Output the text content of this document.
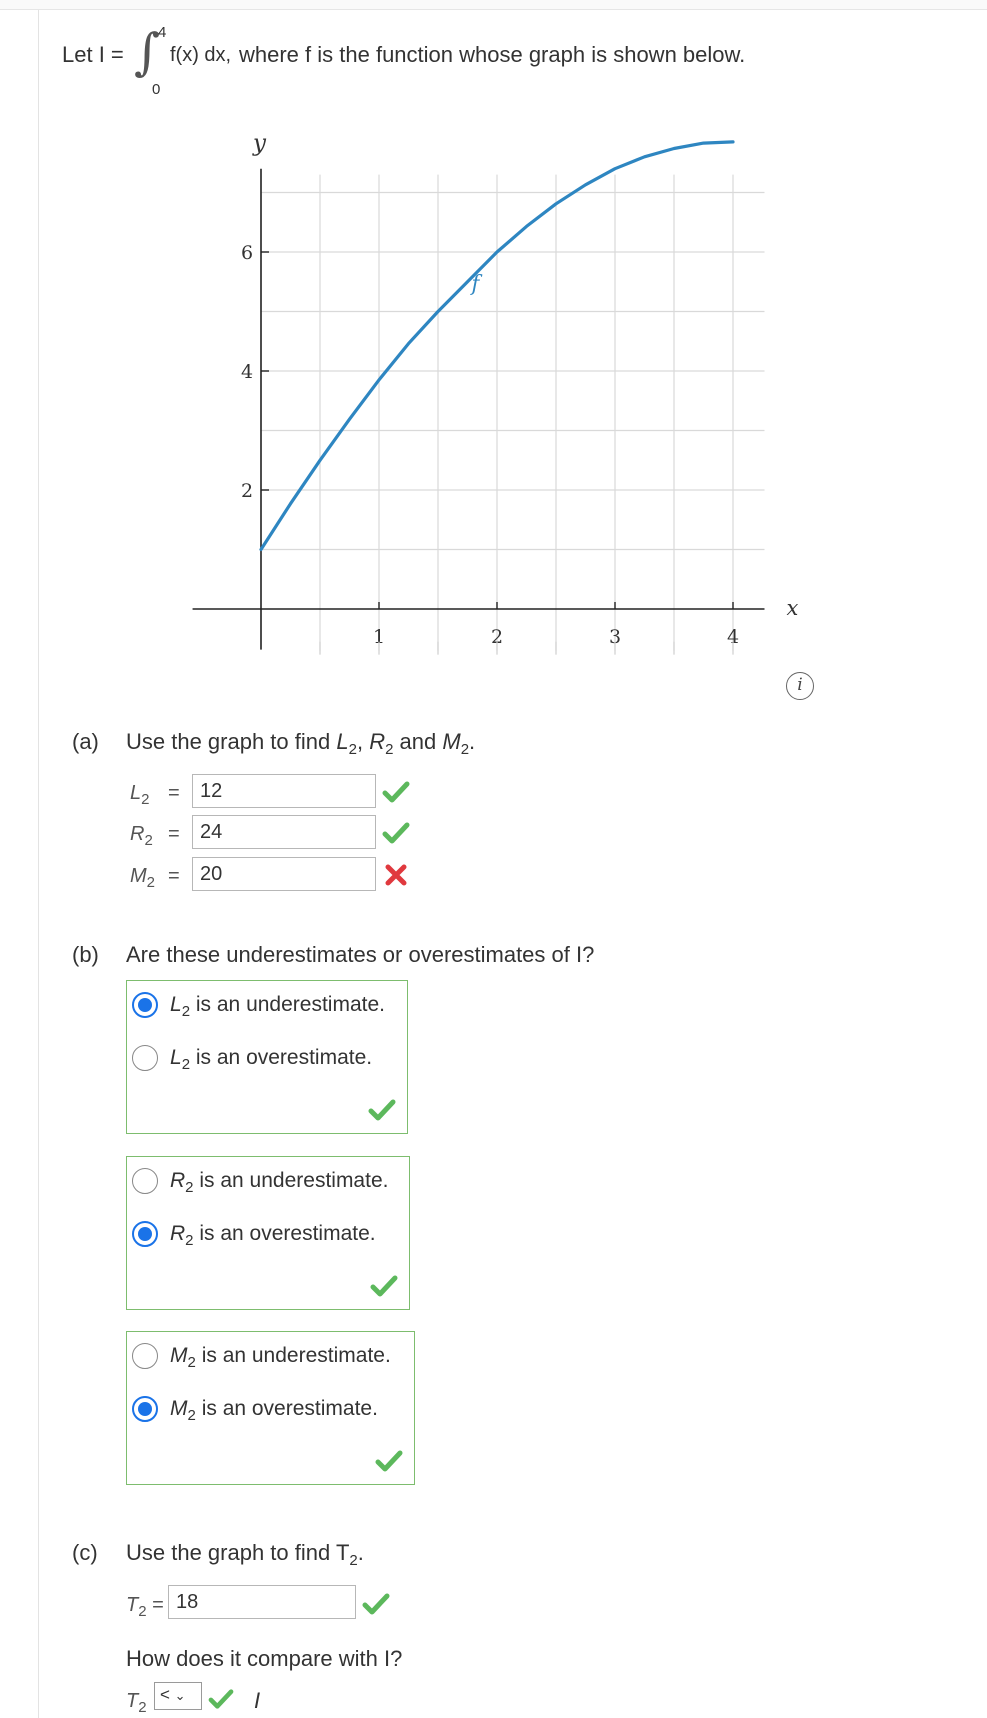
Let I = ∫
4
0
f(x) dx, where f is the function whose graph is shown below.
1	2	3	4
2
4
6
x
y
f
(a) Use the graph to find $L_2$, $R_2$ and $M_2$.
$L_2$ =	12
$R_2$ =	24
$M_2$ =	20
(b) Are these underestimates or overestimates of I?
$L_2$ is an underestimate.
$L_2$ is an overestimate.
$R_2$ is an underestimate.
$R_2$ is an overestimate.
$M_2$ is an underestimate.
$M_2$ is an overestimate.
(c) Use the graph to find $T_2$.
$T_2 = 18$
How does it compare with I?
$T_2$
< ⌄	I
i
